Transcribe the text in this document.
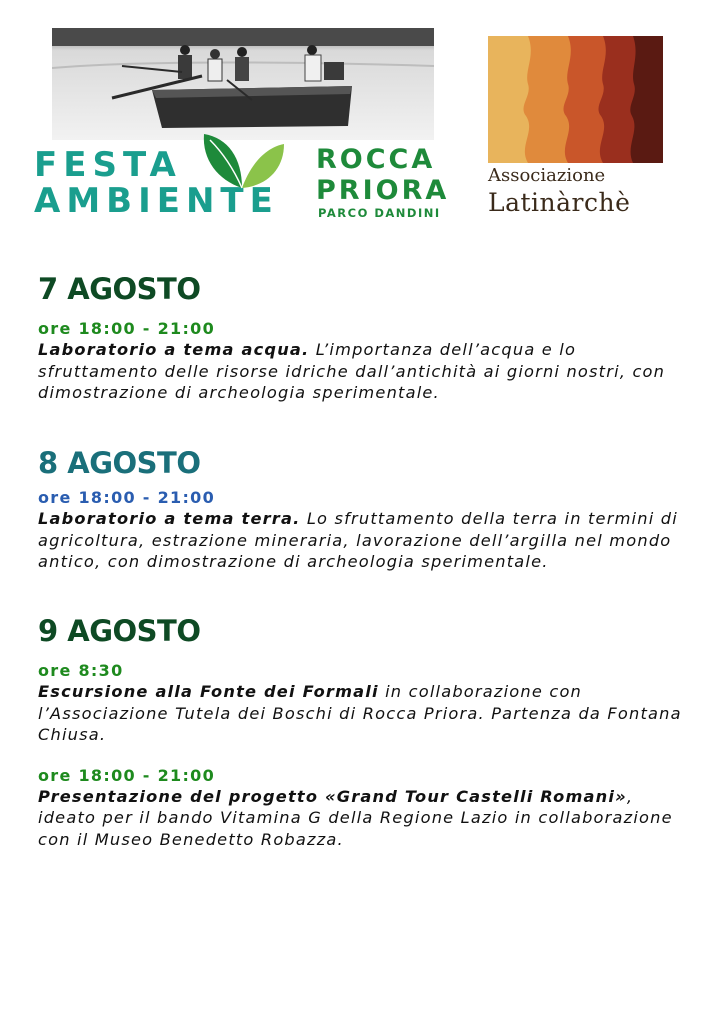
FESTA
AMBIENTE
ROCCA
PRIORA
PARCO DANDINI
Associazione
Latinàrchè
7 AGOSTO

ore 18:00 - 21:00

Laboratorio a tema acqua. L’importanza dell’acqua e lo sfruttamento delle risorse idriche dall’antichità ai giorni nostri, con dimostrazione di archeologia sperimentale.

8 AGOSTO

ore 18:00 - 21:00

Laboratorio a tema terra. Lo sfruttamento della terra in termini di agricoltura, estrazione mineraria, lavorazione dell’argilla nel mondo antico, con dimostrazione di archeologia sperimentale.

9 AGOSTO

ore 8:30

Escursione alla Fonte dei Formali in collaborazione con l’Associazione Tutela dei Boschi di Rocca Priora. Partenza da Fontana Chiusa.

ore 18:00 - 21:00

Presentazione del progetto «Grand Tour Castelli Romani», ideato per il bando Vitamina G della Regione Lazio in collaborazione con il Museo Benedetto Robazza.
